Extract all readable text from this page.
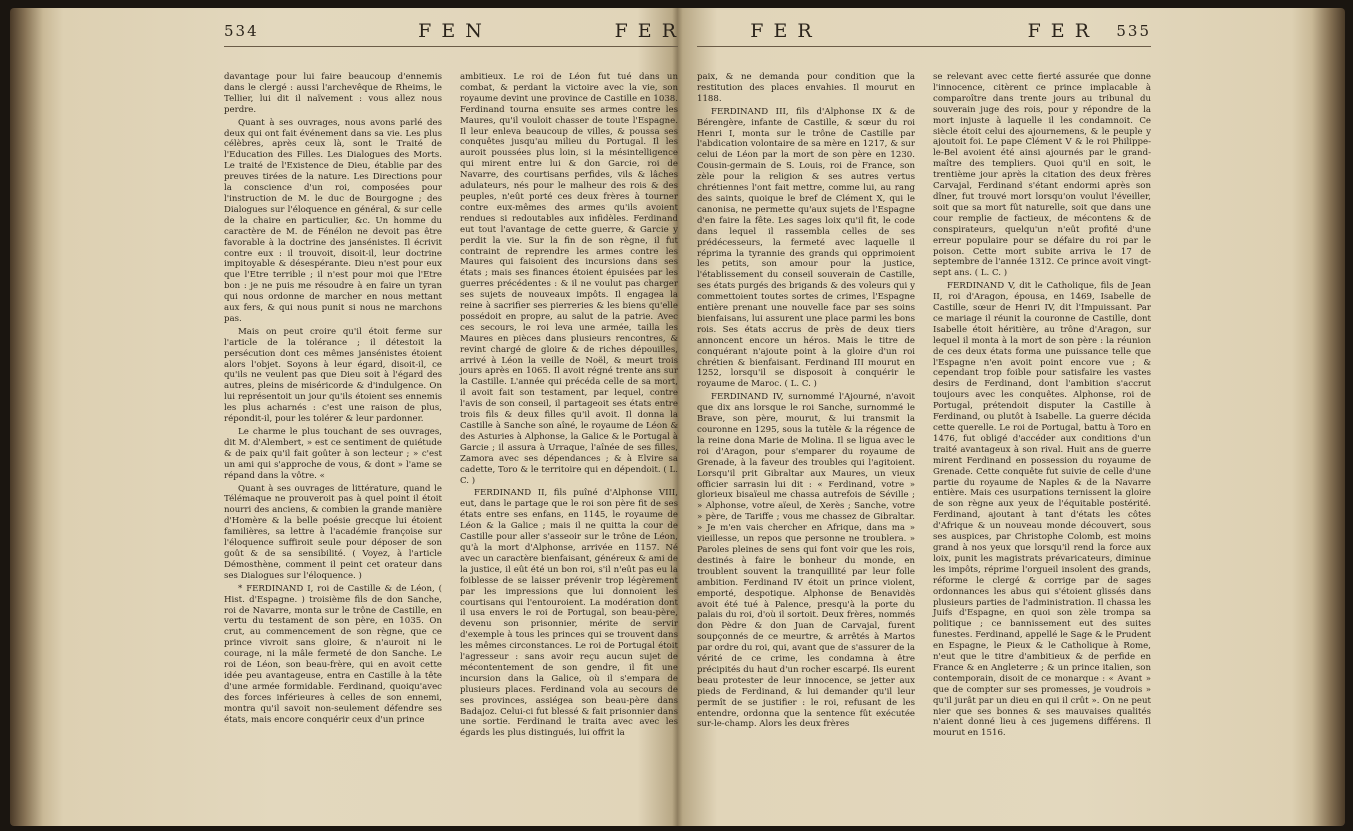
534	F E N	F E R

davantage pour lui faire beaucoup d'ennemis dans le clergé : aussi l'archevêque de Rheims, le Tellier, lui dit il naïvement : vous allez nous perdre.

Quant à ses ouvrages, nous avons parlé des deux qui ont fait événement dans sa vie. Les plus célèbres, après ceux là, sont le Traité de l'Education des Filles. Les Dialogues des Morts. Le traité de l'Existence de Dieu, établie par des preuves tirées de la nature. Les Directions pour la conscience d'un roi, composées pour l'instruction de M. le duc de Bourgogne ; des Dialogues sur l'éloquence en général, & sur celle de la chaire en particulier, &c. Un homme du caractère de M. de Fénélon ne devoit pas être favorable à la doctrine des jansénistes. Il écrivit contre eux : il trouvoit, disoit-il, leur doctrine impitoyable & désespérante. Dieu n'est pour eux que l'Etre terrible ; il n'est pour moi que l'Etre bon : je ne puis me résoudre à en faire un tyran qui nous ordonne de marcher en nous mettant aux fers, & qui nous punit si nous ne marchons pas.

Mais on peut croire qu'il étoit ferme sur l'article de la tolérance ; il détestoit la persécution dont ces mêmes jansénistes étoient alors l'objet. Soyons à leur égard, disoit-il, ce qu'ils ne veulent pas que Dieu soit à l'égard des autres, pleins de miséricorde & d'indulgence. On lui représentoit un jour qu'ils étoient ses ennemis les plus acharnés : c'est une raison de plus, répondit-il, pour les tolérer & leur pardonner.

Le charme le plus touchant de ses ouvrages, dit M. d'Alembert, » est ce sentiment de quiétude & de paix qu'il fait goûter à son lecteur ; » c'est un ami qui s'approche de vous, & dont » l'ame se répand dans la vôtre. «

Quant à ses ouvrages de littérature, quand le Télémaque ne prouveroit pas à quel point il étoit nourri des anciens, & combien la grande manière d'Homère & la belle poésie grecque lui étoient familières, sa lettre à l'académie françoise sur l'éloquence suffiroit seule pour déposer de son goût & de sa sensibilité. ( Voyez, à l'article Démosthène, comment il peint cet orateur dans ses Dialogues sur l'éloquence. )

* FERDINAND I, roi de Castille & de Léon, ( Hist. d'Espagne. ) troisième fils de don Sanche, roi de Navarre, monta sur le trône de Castille, en vertu du testament de son père, en 1035. On crut, au commencement de son règne, que ce prince vivroit sans gloire, & n'auroit ni le courage, ni la mâle fermeté de don Sanche. Le roi de Léon, son beau-frère, qui en avoit cette idée peu avantageuse, entra en Castille à la tête d'une armée formidable. Ferdinand, quoiqu'avec des forces inférieures à celles de son ennemi, montra qu'il savoit non-seulement défendre ses états, mais encore conquérir ceux d'un prince

ambitieux. Le roi de Léon fut tué dans un combat, & perdant la victoire avec la vie, son royaume devint une province de Castille en 1038. Ferdinand tourna ensuite ses armes contre les Maures, qu'il vouloit chasser de toute l'Espagne. Il leur enleva beaucoup de villes, & poussa ses conquêtes jusqu'au milieu du Portugal. Il les auroit poussées plus loin, si la mésintelligence qui mirent entre lui & don Garcie, roi de Navarre, des courtisans perfides, vils & lâches adulateurs, nés pour le malheur des rois & des peuples, n'eût porté ces deux frères à tourner contre eux-mêmes des armes qu'ils avoient rendues si redoutables aux infidèles. Ferdinand eut tout l'avantage de cette guerre, & Garcie y perdit la vie. Sur la fin de son règne, il fut contraint de reprendre les armes contre les Maures qui faisoient des incursions dans ses états ; mais ses finances étoient épuisées par les guerres précédentes : & il ne voulut pas charger ses sujets de nouveaux impôts. Il engagea la reine à sacrifier ses pierreries & les biens qu'elle possédoit en propre, au salut de la patrie. Avec ces secours, le roi leva une armée, tailla les Maures en pièces dans plusieurs rencontres, & revint chargé de gloire & de riches dépouilles, arrivé à Léon la veille de Noël, & meurt trois jours après en 1065. Il avoit régné trente ans sur la Castille. L'année qui précéda celle de sa mort, il avoit fait son testament, par lequel, contre l'avis de son conseil, il partageoit ses états entre trois fils & deux filles qu'il avoit. Il donna la Castille à Sanche son aîné, le royaume de Léon & des Asturies à Alphonse, la Galice & le Portugal à Garcie ; il assura à Urraque, l'aînée de ses filles, Zamora avec ses dépendances ; & à Elvire sa cadette, Toro & le territoire qui en dépendoit. ( L. C. )

FERDINAND II, fils puîné d'Alphonse VIII, eut, dans le partage que le roi son père fit de ses états entre ses enfans, en 1145, le royaume de Léon & la Galice ; mais il ne quitta la cour de Castille pour aller s'asseoir sur le trône de Léon, qu'à la mort d'Alphonse, arrivée en 1157. Né avec un caractère bienfaisant, généreux & ami de la justice, il eût été un bon roi, s'il n'eût pas eu la foiblesse de se laisser prévenir trop légèrement par les impressions que lui donnoient les courtisans qui l'entouroient. La modération dont il usa envers le roi de Portugal, son beau-père, devenu son prisonnier, mérite de servir d'exemple à tous les princes qui se trouvent dans les mêmes circonstances. Le roi de Portugal étoit l'agresseur : sans avoir reçu aucun sujet de mécontentement de son gendre, il fit une incursion dans la Galice, où il s'empara de plusieurs places. Ferdinand vola au secours de ses provinces, assiégea son beau-père dans Badajoz. Celui-ci fut blessé & fait prisonnier dans une sortie. Ferdinand le traita avec avec les égards les plus distingués, lui offrit la

F E R	F E R 535

paix, & ne demanda pour condition que la restitution des places envahies. Il mourut en 1188.

FERDINAND III, fils d'Alphonse IX & de Bérengère, infante de Castille, & sœur du roi Henri I, monta sur le trône de Castille par l'abdication volontaire de sa mère en 1217, & sur celui de Léon par la mort de son père en 1230. Cousin-germain de S. Louis, roi de France, son zèle pour la religion & ses autres vertus chrétiennes l'ont fait mettre, comme lui, au rang des saints, quoique le bref de Clément X, qui le canonisa, ne permette qu'aux sujets de l'Espagne d'en faire la fête. Les sages loix qu'il fit, le code dans lequel il rassembla celles de ses prédécesseurs, la fermeté avec laquelle il réprima la tyrannie des grands qui opprimoient les petits, son amour pour la justice, l'établissement du conseil souverain de Castille, ses états purgés des brigands & des voleurs qui y commettoient toutes sortes de crimes, l'Espagne entière prenant une nouvelle face par ses soins bienfaisans, lui assurent une place parmi les bons rois. Ses états accrus de près de deux tiers annoncent encore un héros. Mais le titre de conquérant n'ajoute point à la gloire d'un roi chrétien & bienfaisant. Ferdinand III mourut en 1252, lorsqu'il se disposoit à conquérir le royaume de Maroc. ( L. C. )

FERDINAND IV, surnommé l'Ajourné, n'avoit que dix ans lorsque le roi Sanche, surnommé le Brave, son père, mourut, & lui transmit la couronne en 1295, sous la tutèle & la régence de la reine dona Marie de Molina. Il se ligua avec le roi d'Aragon, pour s'emparer du royaume de Grenade, à la faveur des troubles qui l'agitoient. Lorsqu'il prit Gibraltar aux Maures, un vieux officier sarrasin lui dit : « Ferdinand, votre » glorieux bisaïeul me chassa autrefois de Séville ; » Alphonse, votre aïeul, de Xerès ; Sanche, votre » père, de Tariffe ; vous me chassez de Gibraltar. » Je m'en vais chercher en Afrique, dans ma » vieillesse, un repos que personne ne troublera. » Paroles pleines de sens qui font voir que les rois, destinés à faire le bonheur du monde, en troublent souvent la tranquillité par leur folle ambition. Ferdinand IV étoit un prince violent, emporté, despotique. Alphonse de Benavidès avoit été tué à Palence, presqu'à la porte du palais du roi, d'où il sortoit. Deux frères, nommés don Pèdre & don Juan de Carvajal, furent soupçonnés de ce meurtre, & arrêtés à Martos par ordre du roi, qui, avant que de s'assurer de la vérité de ce crime, les condamna à être précipités du haut d'un rocher escarpé. Ils eurent beau protester de leur innocence, se jetter aux pieds de Ferdinand, & lui demander qu'il leur permît de se justifier : le roi, refusant de les entendre, ordonna que la sentence fût exécutée sur-le-champ. Alors les deux frères

se relevant avec cette fierté assurée que donne l'innocence, citèrent ce prince implacable à comparoître dans trente jours au tribunal du souverain juge des rois, pour y répondre de la mort injuste à laquelle il les condamnoit. Ce siècle étoit celui des ajournemens, & le peuple y ajoutoit foi. Le pape Clément V & le roi Philippe-le-Bel avoient été ainsi ajournés par le grand-maître des templiers. Quoi qu'il en soit, le trentième jour après la citation des deux frères Carvajal, Ferdinand s'étant endormi après son dîner, fut trouvé mort lorsqu'on voulut l'éveiller, soit que sa mort fût naturelle, soit que dans une cour remplie de factieux, de mécontens & de conspirateurs, quelqu'un n'eût profité d'une erreur populaire pour se défaire du roi par le poison. Cette mort subite arriva le 17 de septembre de l'année 1312. Ce prince avoit vingt-sept ans. ( L. C. )

FERDINAND V, dit le Catholique, fils de Jean II, roi d'Aragon, épousa, en 1469, Isabelle de Castille, sœur de Henri IV, dit l'Impuissant. Par ce mariage il réunit la couronne de Castille, dont Isabelle étoit héritière, au trône d'Aragon, sur lequel il monta à la mort de son père : la réunion de ces deux états forma une puissance telle que l'Espagne n'en avoit point encore vue ; & cependant trop foible pour satisfaire les vastes desirs de Ferdinand, dont l'ambition s'accrut toujours avec les conquêtes. Alphonse, roi de Portugal, prétendoit disputer la Castille à Ferdinand, ou plutôt à Isabelle. La guerre décida cette querelle. Le roi de Portugal, battu à Toro en 1476, fut obligé d'accéder aux conditions d'un traité avantageux à son rival. Huit ans de guerre mirent Ferdinand en possession du royaume de Grenade. Cette conquête fut suivie de celle d'une partie du royaume de Naples & de la Navarre entière. Mais ces usurpations ternissent la gloire de son règne aux yeux de l'équitable postérité. Ferdinand, ajoutant à tant d'états les côtes d'Afrique & un nouveau monde découvert, sous ses auspices, par Christophe Colomb, est moins grand à nos yeux que lorsqu'il rend la force aux loix, punit les magistrats prévaricateurs, diminue les impôts, réprime l'orgueil insolent des grands, réforme le clergé & corrige par de sages ordonnances les abus qui s'étoient glissés dans plusieurs parties de l'administration. Il chassa les Juifs d'Espagne, en quoi son zèle trompa sa politique ; ce bannissement eut des suites funestes. Ferdinand, appellé le Sage & le Prudent en Espagne, le Pieux & le Catholique à Rome, n'eut que le titre d'ambitieux & de perfide en France & en Angleterre ; & un prince italien, son contemporain, disoit de ce monarque : « Avant » que de compter sur ses promesses, je voudrois » qu'il jurât par un dieu en qui il crût ». On ne peut nier que ses bonnes & ses mauvaises qualités n'aient donné lieu à ces jugemens différens. Il mourut en 1516.
